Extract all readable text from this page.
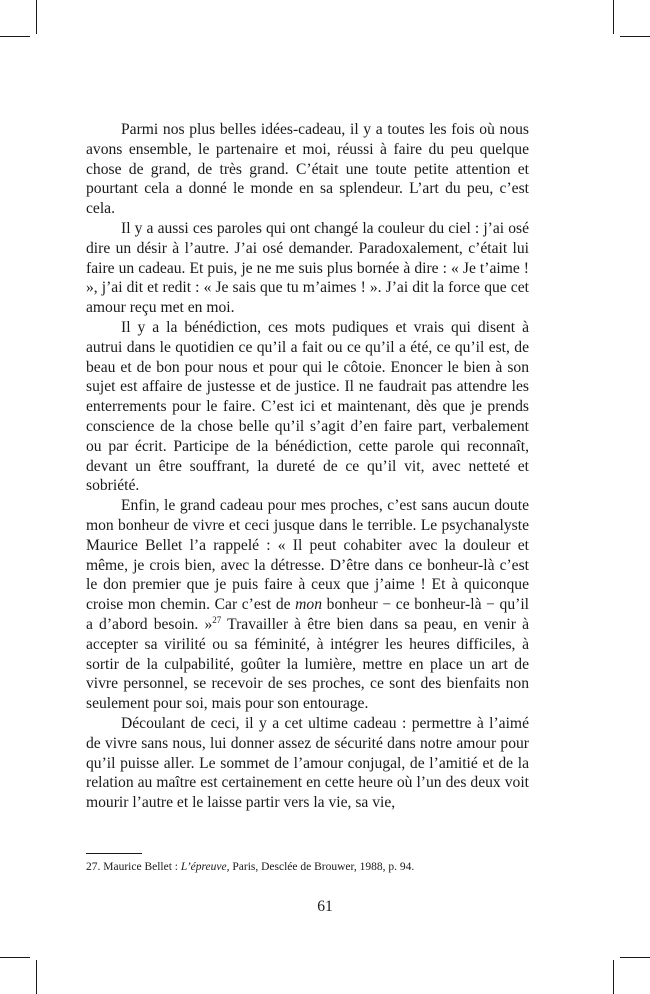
Parmi nos plus belles idées-cadeau, il y a toutes les fois où nous avons ensemble, le partenaire et moi, réussi à faire du peu quelque chose de grand, de très grand. C’était une toute petite attention et pourtant cela a donné le monde en sa splendeur. L’art du peu, c’est cela.

Il y a aussi ces paroles qui ont changé la couleur du ciel : j’ai osé dire un désir à l’autre. J’ai osé demander. Paradoxalement, c’était lui faire un cadeau. Et puis, je ne me suis plus bornée à dire : « Je t’aime ! », j’ai dit et redit : « Je sais que tu m’aimes ! ». J’ai dit la force que cet amour reçu met en moi.

Il y a la bénédiction, ces mots pudiques et vrais qui disent à autrui dans le quotidien ce qu’il a fait ou ce qu’il a été, ce qu’il est, de beau et de bon pour nous et pour qui le côtoie. Enoncer le bien à son sujet est affaire de justesse et de justice. Il ne faudrait pas attendre les enterrements pour le faire. C’est ici et maintenant, dès que je prends conscience de la chose belle qu’il s’agit d’en faire part, verbalement ou par écrit. Participe de la bénédiction, cette parole qui reconnaît, devant un être souffrant, la dureté de ce qu’il vit, avec netteté et sobriété.

Enfin, le grand cadeau pour mes proches, c’est sans aucun doute mon bonheur de vivre et ceci jusque dans le terrible. Le psychanalyste Maurice Bellet l’a rappelé : « Il peut cohabiter avec la douleur et même, je crois bien, avec la détresse. D’être dans ce bonheur-là c’est le don premier que je puis faire à ceux que j’aime ! Et à quiconque croise mon chemin. Car c’est de mon bonheur − ce bonheur-là − qu’il a d’abord besoin. »$^{27}$ Travailler à être bien dans sa peau, en venir à accepter sa virilité ou sa féminité, à intégrer les heures difficiles, à sortir de la culpabilité, goûter la lumière, mettre en place un art de vivre personnel, se recevoir de ses proches, ce sont des bienfaits non seulement pour soi, mais pour son entourage.

Découlant de ceci, il y a cet ultime cadeau : permettre à l’aimé de vivre sans nous, lui donner assez de sécurité dans notre amour pour qu’il puisse aller. Le sommet de l’amour conjugal, de l’amitié et de la relation au maître est certainement en cette heure où l’un des deux voit mourir l’autre et le laisse partir vers la vie, sa vie,

27. Maurice Bellet : L’épreuve, Paris, Desclée de Brouwer, 1988, p. 94.
61
